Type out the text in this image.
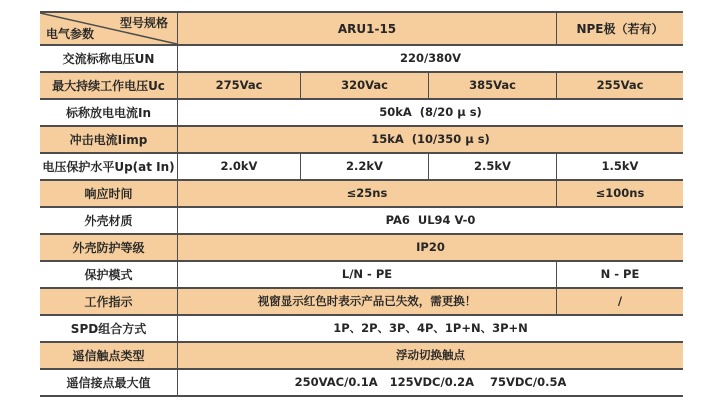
型号规格
电气参数	ARU1-15	NPE极（若有）
交流标称电压UN	220/380V
最大持续工作电压Uc	275Vac	320Vac	385Vac	255Vac
标称放电电流In	50kA  (8/20 μ s)
冲击电流Iimp	15kA  (10/350 μ s)
电压保护水平Up(at In)	2.0kV	2.2kV	2.5kV	1.5kV
响应时间	≤25ns	≤100ns
外壳材质	PA6  UL94 V-0
外壳防护等级	IP20
保护模式	L/N - PE	N - PE
工作指示	视窗显示红色时表示产品已失效，需更换！	/
SPD组合方式	1P、2P、3P、4P、1P+N、3P+N
遥信触点类型	浮动切换触点
遥信接点最大值	250VAC/0.1A   125VDC/0.2A    75VDC/0.5A
